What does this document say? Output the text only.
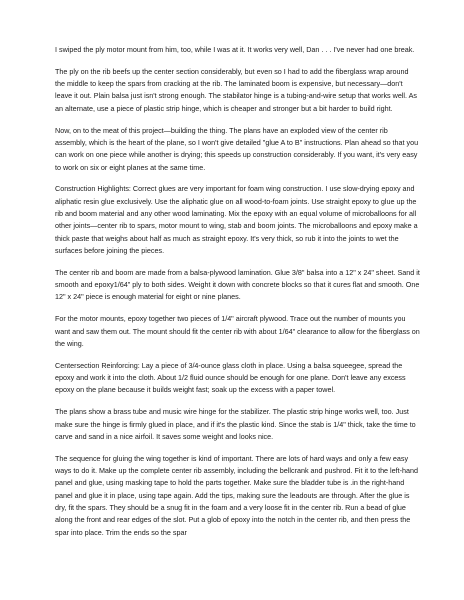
I swiped the ply motor mount from him, too, while I was at it. It works very well, Dan . . . I've never had one break.

The ply on the rib beefs up the center section considerably, but even so I had to add the fiberglass wrap around the middle to keep the spars from cracking at the rib. The laminated boom is expensive, but necessary—don't leave it out. Plain balsa just isn't strong enough. The stabilator hinge is a tubing-and-wire setup that works well. As an alternate, use a piece of plastic strip hinge, which is cheaper and stronger but a bit harder to build right.

Now, on to the meat of this project—building the thing. The plans have an exploded view of the center rib assembly, which is the heart of the plane, so I won't give detailed "glue A to B" instructions. Plan ahead so that you can work on one piece while another is drying; this speeds up construction considerably. If you want, it's very easy to work on six or eight planes at the same time.

Construction Highlights: Correct glues are very important for foam wing construction. I use slow-drying epoxy and aliphatic resin glue exclusively. Use the aliphatic glue on all wood-to-foam joints. Use straight epoxy to glue up the rib and boom material and any other wood laminating. Mix the epoxy with an equal volume of microballoons for all other joints—center rib to spars, motor mount to wing, stab and boom joints. The microballoons and epoxy make a thick paste that weighs about half as much as straight epoxy. It's very thick, so rub it into the joints to wet the surfaces before joining the pieces.

The center rib and boom are made from a balsa-plywood lamination. Glue 3/8" balsa into a 12" x 24" sheet. Sand it smooth and epoxy1/64" ply to both sides. Weight it down with concrete blocks so that it cures flat and smooth. One 12" x 24" piece is enough material for eight or nine planes.

For the motor mounts, epoxy together two pieces of 1/4" aircraft plywood. Trace out the number of mounts you want and saw them out. The mount should fit the center rib with about 1/64" clearance to allow for the fiberglass on the wing.

Centersection Reinforcing: Lay a piece of 3/4-ounce glass cloth in place. Using a balsa squeegee, spread the epoxy and work it into the cloth. About 1/2 fluid ounce should be enough for one plane. Don't leave any excess epoxy on the plane because it builds weight fast; soak up the excess with a paper towel.

The plans show a brass tube and music wire hinge for the stabilizer. The plastic strip hinge works well, too. Just make sure the hinge is firmly glued in place, and if it's the plastic kind. Since the stab is 1/4" thick, take the time to carve and sand in a nice airfoil. It saves some weight and looks nice.

The sequence for gluing the wing together is kind of important. There are lots of hard ways and only a few easy ways to do it. Make up the complete center rib assembly, including the bellcrank and pushrod. Fit it to the left-hand panel and glue, using masking tape to hold the parts together. Make sure the bladder tube is .in the right-hand panel and glue it in place, using tape again. Add the tips, making sure the leadouts are through. After the glue is dry, fit the spars. They should be a snug fit in the foam and a very loose fit in the center rib. Run a bead of glue along the front and rear edges of the slot. Put a glob of epoxy into the notch in the center rib, and then press the spar into place. Trim the ends so the spar
